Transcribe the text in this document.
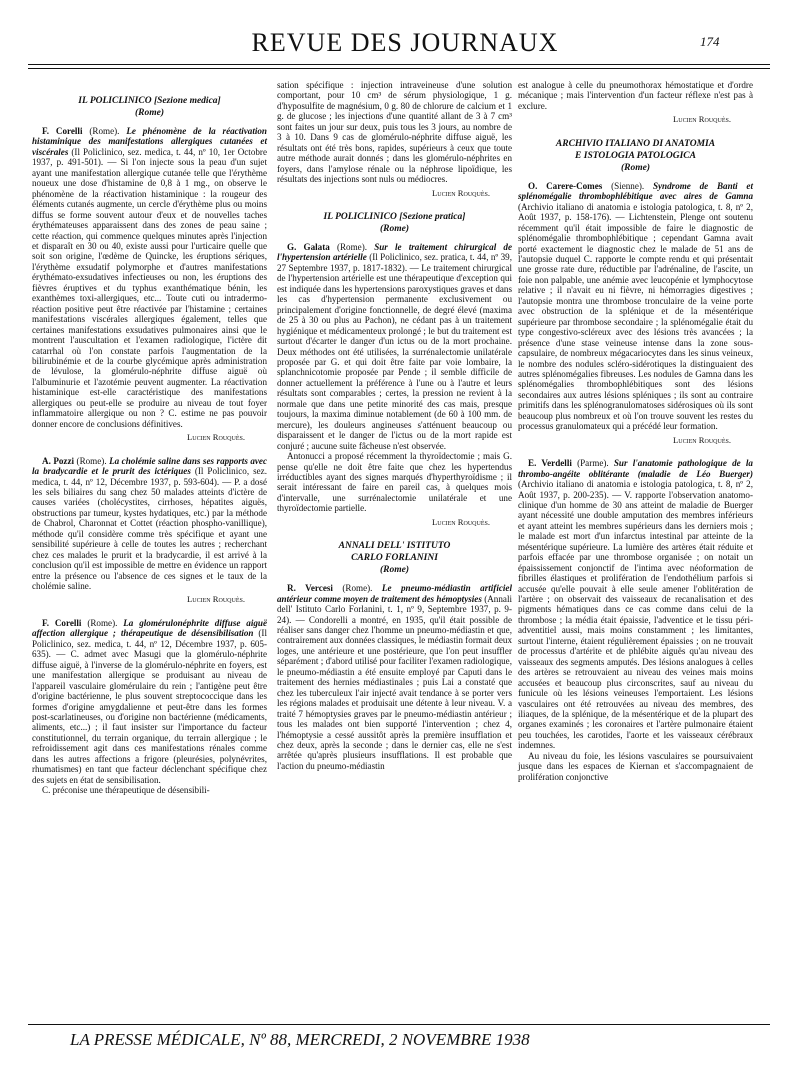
REVUE DES JOURNAUX	174

IL POLICLINICO [Sezione medica]

(Rome)

F. Corelli (Rome). Le phénomène de la réactivation histaminique des manifestations allergiques cutanées et viscérales (Il Policlinico, sez. medica, t. 44, nº 10, 1er Octobre 1937, p. 491-501). — Si l'on injecte sous la peau d'un sujet ayant une manifestation allergique cutanée telle que l'érythème noueux une dose d'histamine de 0,8 à 1 mg., on observe le phénomène de la réactivation histaminique : la rougeur des éléments cutanés augmente, un cercle d'érythème plus ou moins diffus se forme souvent autour d'eux et de nouvelles taches érythémateuses apparaissent dans des zones de peau saine ; cette réaction, qui commence quelques minutes après l'injection et disparaît en 30 ou 40, existe aussi pour l'urticaire quelle que soit son origine, l'œdème de Quincke, les éruptions sériques, l'érythème exsudatif polymorphe et d'autres manifestations érythémato-exsudatives infectieuses ou non, les éruptions des fièvres éruptives et du typhus exanthématique bénin, les exanthèmes toxi-allergiques, etc... Toute cuti ou intradermo-réaction positive peut être réactivée par l'histamine ; certaines manifestations viscérales allergiques également, telles que certaines manifestations exsudatives pulmonaires ainsi que le montrent l'auscultation et l'examen radiologique, l'ictère dit catarrhal où l'on constate parfois l'augmentation de la bilirubinémie et de la courbe glycémique après administration de lévulose, la glomérulo-néphrite diffuse aiguë où l'albuminurie et l'azotémie peuvent augmenter. La réactivation histaminique est-elle caractéristique des manifestations allergiques ou peut-elle se produire au niveau de tout foyer inflammatoire allergique ou non ? C. estime ne pas pouvoir donner encore de conclusions définitives.

Lucien Rouquès.

A. Pozzi (Rome). La cholémie saline dans ses rapports avec la bradycardie et le prurit des ictériques (Il Policlinico, sez. medica, t. 44, nº 12, Décembre 1937, p. 593-604). — P. a dosé les sels biliaires du sang chez 50 malades atteints d'ictère de causes variées (cholécystites, cirrhoses, hépatites aiguës, obstructions par tumeur, kystes hydatiques, etc.) par la méthode de Chabrol, Charonnat et Cottet (réaction phospho-vanillique), méthode qu'il considère comme très spécifique et ayant une sensibilité supérieure à celle de toutes les autres ; recherchant chez ces malades le prurit et la bradycardie, il est arrivé à la conclusion qu'il est impossible de mettre en évidence un rapport entre la présence ou l'absence de ces signes et le taux de la cholémie saline.

Lucien Rouquès.

F. Corelli (Rome). La glomérulonéphrite diffuse aiguë affection allergique ; thérapeutique de désensibilisation (Il Policlinico, sez. medica, t. 44, nº 12, Décembre 1937, p. 605-635). — C. admet avec Masugi que la glomérulo-néphrite diffuse aiguë, à l'inverse de la glomérulo-néphrite en foyers, est une manifestation allergique se produisant au niveau de l'appareil vasculaire glomérulaire du rein ; l'antigène peut être d'origine bactérienne, le plus souvent streptococcique dans les formes d'origine amygdalienne et peut-être dans les formes post-scarlatineuses, ou d'origine non bactérienne (médicaments, aliments, etc...) ; il faut insister sur l'importance du facteur constitutionnel, du terrain organique, du terrain allergique ; le refroidissement agit dans ces manifestations rénales comme dans les autres affections a frigore (pleurésies, polynévrites, rhumatismes) en tant que facteur déclenchant spécifique chez des sujets en état de sensibilisation.

C. préconise une thérapeutique de désensibili-

sation spécifique : injection intraveineuse d'une solution comportant, pour 10 cm³ de sérum physiologique, 1 g. d'hyposulfite de magnésium, 0 g. 80 de chlorure de calcium et 1 g. de glucose ; les injections d'une quantité allant de 3 à 7 cm³ sont faites un jour sur deux, puis tous les 3 jours, au nombre de 3 à 10. Dans 9 cas de glomérulo-néphrite diffuse aiguë, les résultats ont été très bons, rapides, supérieurs à ceux que toute autre méthode aurait donnés ; dans les glomérulo-néphrites en foyers, dans l'amylose rénale ou la néphrose lipoïdique, les résultats des injections sont nuls ou médiocres.

Lucien Rouquès.

IL POLICLINICO [Sezione pratica]

(Rome)

G. Galata (Rome). Sur le traitement chirurgical de l'hypertension artérielle (Il Policlinico, sez. pratica, t. 44, nº 39, 27 Septembre 1937, p. 1817-1832). — Le traitement chirurgical de l'hypertension artérielle est une thérapeutique d'exception qui est indiquée dans les hypertensions paroxystiques graves et dans les cas d'hypertension permanente exclusivement ou principalement d'origine fonctionnelle, de degré élevé (maxima de 25 à 30 ou plus au Pachon), ne cédant pas à un traitement hygiénique et médicamenteux prolongé ; le but du traitement est surtout d'écarter le danger d'un ictus ou de la mort prochaine. Deux méthodes ont été utilisées, la surrénalectomie unilatérale proposée par G. et qui doit être faite par voie lombaire, la splanchnicotomie proposée par Pende ; il semble difficile de donner actuellement la préférence à l'une ou à l'autre et leurs résultats sont comparables ; certes, la pression ne revient à la normale que dans une petite minorité des cas mais, presque toujours, la maxima diminue notablement (de 60 à 100 mm. de mercure), les douleurs angineuses s'atténuent beaucoup ou disparaissent et le danger de l'ictus ou de la mort rapide est conjuré ; aucune suite fâcheuse n'est observée.

Antonucci a proposé récemment la thyroïdectomie ; mais G. pense qu'elle ne doit être faite que chez les hypertendus irréductibles ayant des signes marqués d'hyperthyroïdisme ; il serait intéressant de faire en pareil cas, à quelques mois d'intervalle, une surrénalectomie unilatérale et une thyroïdectomie partielle.

Lucien Rouquès.

ANNALI DELL' ISTITUTO

CARLO FORLANINI

(Rome)

R. Vercesi (Rome). Le pneumo-médiastin artificiel antérieur comme moyen de traitement des hémoptysies (Annali dell' Istituto Carlo Forlanini, t. 1, nº 9, Septembre 1937, p. 9-24). — Condorelli a montré, en 1935, qu'il était possible de réaliser sans danger chez l'homme un pneumo-médiastin et que, contrairement aux données classiques, le médiastin formait deux loges, une antérieure et une postérieure, que l'on peut insuffler séparément ; d'abord utilisé pour faciliter l'examen radiologique, le pneumo-médiastin a été ensuite employé par Caputi dans le traitement des hernies médiastinales ; puis Lai a constaté que chez les tuberculeux l'air injecté avait tendance à se porter vers les régions malades et produisait une détente à leur niveau. V. a traité 7 hémoptysies graves par le pneumo-médiastin antérieur ; tous les malades ont bien supporté l'intervention ; chez 4, l'hémoptysie a cessé aussitôt après la première insufflation et chez deux, après la seconde ; dans le dernier cas, elle ne s'est arrêtée qu'après plusieurs insufflations. Il est probable que l'action du pneumo-médiastin

est analogue à celle du pneumothorax hémostatique et d'ordre mécanique ; mais l'intervention d'un facteur réflexe n'est pas à exclure.

Lucien Rouquès.

ARCHIVIO ITALIANO DI ANATOMIA

E ISTOLOGIA PATOLOGICA

(Rome)

O. Carere-Comes (Sienne). Syndrome de Banti et splénomégalie thrombophlébitique avec aires de Gamna (Archivio italiano di anatomia e istologia patologica, t. 8, nº 2, Août 1937, p. 158-176). — Lichtenstein, Plenge ont soutenu récemment qu'il était impossible de faire le diagnostic de splénomégalie thrombophlébitique ; cependant Gamna avait porté exactement le diagnostic chez le malade de 51 ans de l'autopsie duquel C. rapporte le compte rendu et qui présentait une grosse rate dure, réductible par l'adrénaline, de l'ascite, un foie non palpable, une anémie avec leucopénie et lymphocytose relative ; il n'avait eu ni fièvre, ni hémorragies digestives ; l'autopsie montra une thrombose tronculaire de la veine porte avec obstruction de la splénique et de la mésentérique supérieure par thrombose secondaire ; la splénomégalie était du type congestivo-scléreux avec des lésions très avancées ; la présence d'une stase veineuse intense dans la zone sous-capsulaire, de nombreux mégacariocytes dans les sinus veineux, le nombre des nodules scléro-sidérotiques la distinguaient des autres splénomégalies fibreuses. Les nodules de Gamna dans les splénomégalies thrombophlébitiques sont des lésions secondaires aux autres lésions spléniques ; ils sont au contraire primitifs dans les splénogranulomatoses sidérosiques où ils sont beaucoup plus nombreux et où l'on trouve souvent les restes du processus granulomateux qui a précédé leur formation.

Lucien Rouquès.

E. Verdelli (Parme). Sur l'anatomie pathologique de la thrombo-angéite oblitérante (maladie de Léo Buerger) (Archivio italiano di anatomia e istologia patologica, t. 8, nº 2, Août 1937, p. 200-235). — V. rapporte l'observation anatomo-clinique d'un homme de 30 ans atteint de maladie de Buerger ayant nécessité une double amputation des membres inférieurs et ayant atteint les membres supérieurs dans les derniers mois ; le malade est mort d'un infarctus intestinal par atteinte de la mésentérique supérieure. La lumière des artères était réduite et parfois effacée par une thrombose organisée ; on notait un épaississement conjonctif de l'intima avec néoformation de fibrilles élastiques et prolifération de l'endothélium parfois si accusée qu'elle pouvait à elle seule amener l'oblitération de l'artère ; on observait des vaisseaux de recanalisation et des pigments hématiques dans ce cas comme dans celui de la thrombose ; la média était épaissie, l'adventice et le tissu péri-adventitiel aussi, mais moins constamment ; les limitantes, surtout l'interne, étaient régulièrement épaissies ; on ne trouvait de processus d'artérite et de phlébite aiguës qu'au niveau des vaisseaux des segments amputés. Des lésions analogues à celles des artères se retrouvaient au niveau des veines mais moins accusées et beaucoup plus circonscrites, sauf au niveau du funicule où les lésions veineuses l'emportaient. Les lésions vasculaires ont été retrouvées au niveau des membres, des iliaques, de la splénique, de la mésentérique et de la plupart des organes examinés ; les coronaires et l'artère pulmonaire étaient peu touchées, les carotides, l'aorte et les vaisseaux cérébraux indemnes.

Au niveau du foie, les lésions vasculaires se poursuivaient jusque dans les espaces de Kiernan et s'accompagnaient de prolifération conjonctive

LA PRESSE MÉDICALE, Nº 88, MERCREDI, 2 NOVEMBRE 1938
